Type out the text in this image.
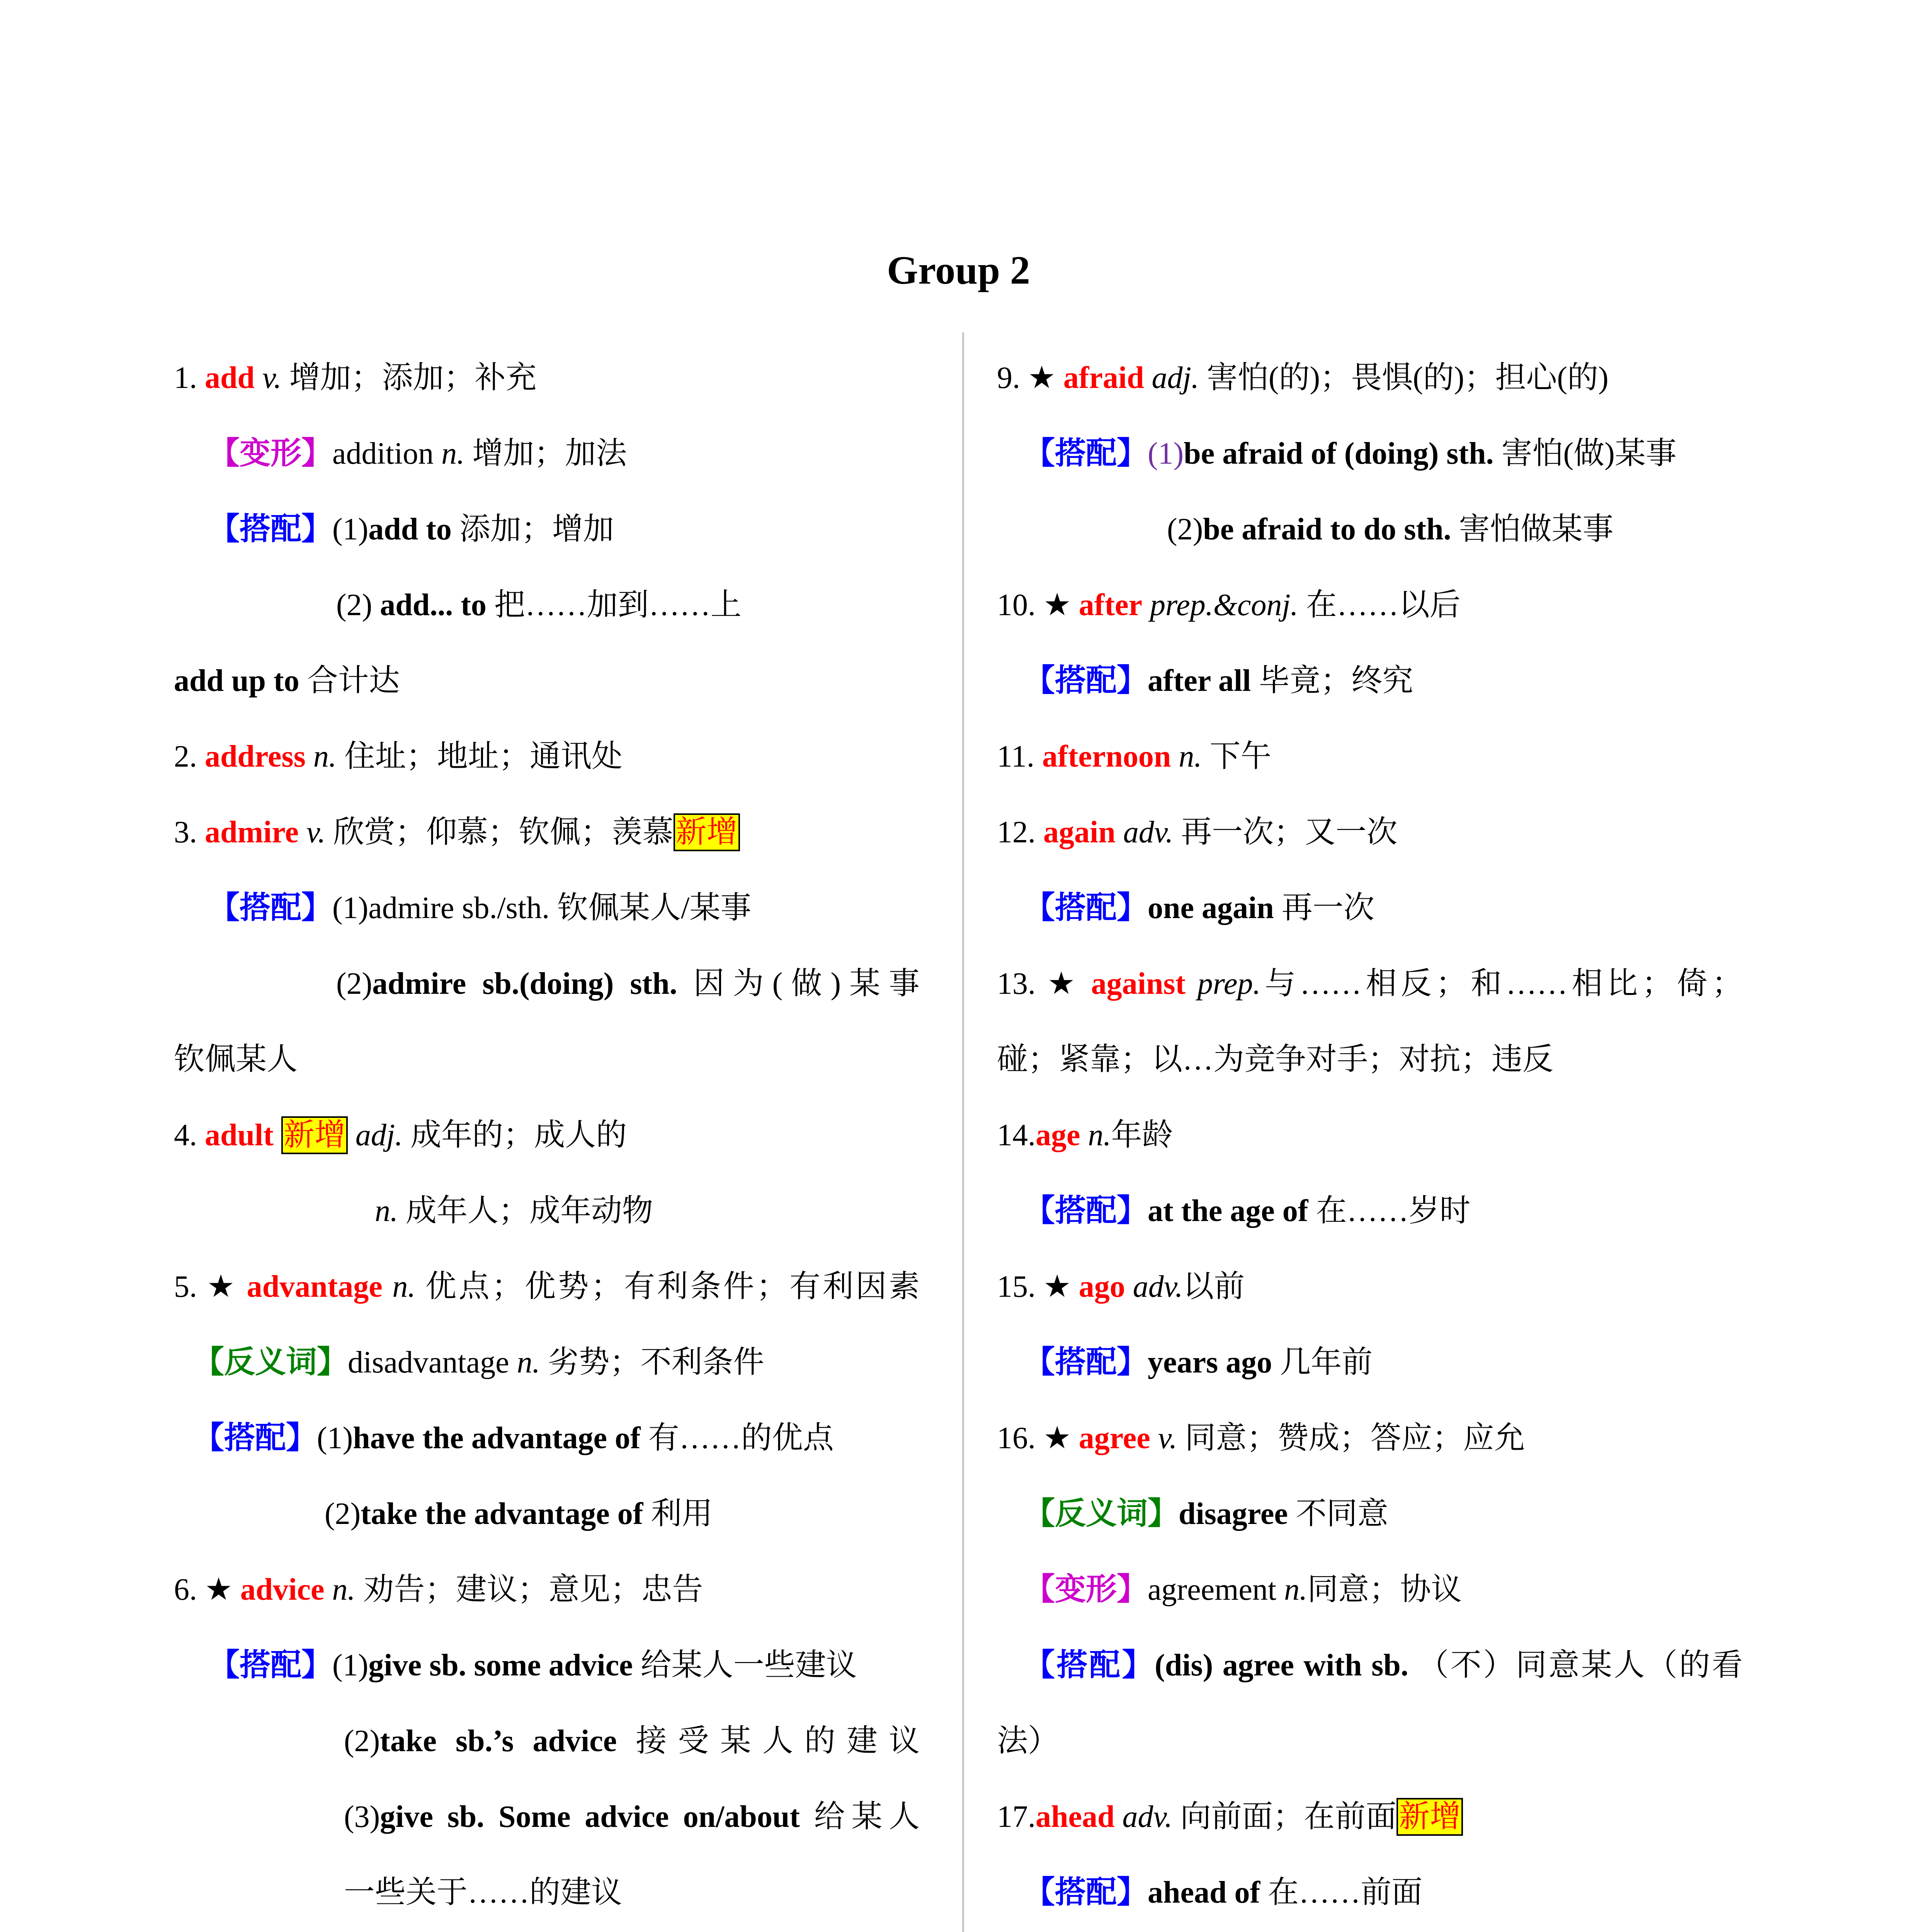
Group 2
1. add v. 增加；添加；补充
【变形】addition n. 增加；加法
【搭配】(1)add to 添加；增加
(2) add... to 把……加到……上
add up to 合计达
2. address n. 住址；地址；通讯处
3. admire v. 欣赏；仰慕；钦佩；羡慕新增
【搭配】(1)admire sb./sth. 钦佩某人/某事
(2)admire sb.(doing) sth. 因为(做)某事
钦佩某人
4. adult 新增 adj. 成年的；成人的
n. 成年人；成年动物
5. ★ advantage n. 优点；优势；有利条件；有利因素
【反义词】disadvantage n. 劣势；不利条件
【搭配】(1)have the advantage of 有……的优点
(2)take the advantage of 利用
6. ★ advice n. 劝告；建议；意见；忠告
【搭配】(1)give sb. some advice 给某人一些建议
(2)take sb.’s advice 接受某人的建议
(3)give sb. Some advice on/about 给某人
一些关于……的建议
9. ★ afraid adj. 害怕(的)；畏惧(的)；担心(的)
【搭配】(1)be afraid of (doing) sth. 害怕(做)某事
(2)be afraid to do sth. 害怕做某事
10. ★ after prep.&conj. 在……以后
【搭配】after all 毕竟；终究
11. afternoon n. 下午
12. again adv. 再一次；又一次
【搭配】one again 再一次
13. ★ against prep.与……相反；和……相比；倚；
碰；紧靠；以…为竞争对手；对抗；违反
14.age n.年龄
【搭配】at the age of 在……岁时
15. ★ ago adv.以前
【搭配】years ago 几年前
16. ★ agree v. 同意；赞成；答应；应允
【反义词】disagree 不同意
【变形】agreement n.同意；协议
【搭配】(dis) agree with sb. （不）同意某人（的看
法）
17.ahead adv. 向前面；在前面新增
【搭配】ahead of 在……前面
